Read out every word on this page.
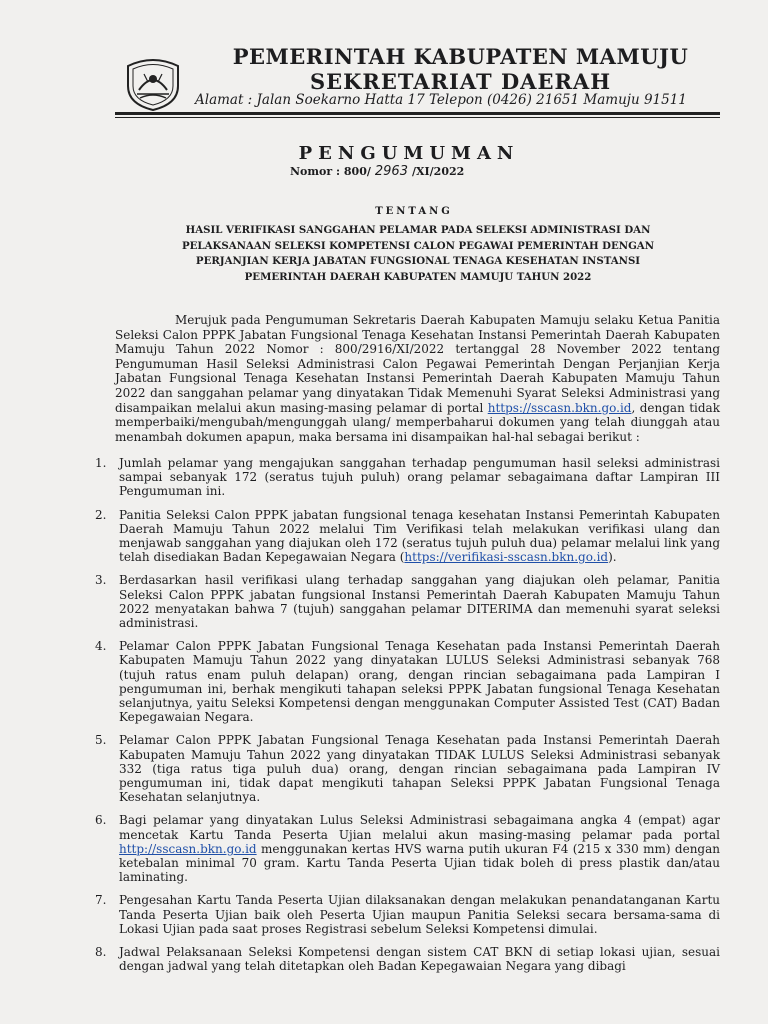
PEMERINTAH KABUPATEN MAMUJU
SEKRETARIAT DAERAH
Alamat : Jalan Soekarno Hatta 17 Telepon (0426) 21651 Mamuju 91511
PENGUMUMAN
Nomor : 800/ 2963 /XI/2022
TENTANG
HASIL VERIFIKASI SANGGAHAN PELAMAR PADA SELEKSI ADMINISTRASI DAN
PELAKSANAAN SELEKSI KOMPETENSI CALON PEGAWAI PEMERINTAH DENGAN
PERJANJIAN KERJA JABATAN FUNGSIONAL TENAGA KESEHATAN INSTANSI
PEMERINTAH DAERAH KABUPATEN MAMUJU TAHUN 2022

Merujuk pada Pengumuman Sekretaris Daerah Kabupaten Mamuju selaku Ketua Panitia Seleksi Calon PPPK Jabatan Fungsional Tenaga Kesehatan Instansi Pemerintah Daerah Kabupaten Mamuju Tahun 2022 Nomor : 800/2916/XI/2022 tertanggal 28 November 2022 tentang Pengumuman Hasil Seleksi Administrasi Calon Pegawai Pemerintah Dengan Perjanjian Kerja Jabatan Fungsional Tenaga Kesehatan Instansi Pemerintah Daerah Kabupaten Mamuju Tahun 2022 dan sanggahan pelamar yang dinyatakan Tidak Memenuhi Syarat Seleksi Administrasi yang disampaikan melalui akun masing-masing pelamar di portal https://sscasn.bkn.go.id, dengan tidak memperbaiki/mengubah/mengunggah ulang/ memperbaharui dokumen yang telah diunggah atau menambah dokumen apapun, maka bersama ini disampaikan hal-hal sebagai berikut :

1. Jumlah pelamar yang mengajukan sanggahan terhadap pengumuman hasil seleksi administrasi sampai sebanyak 172 (seratus tujuh puluh) orang pelamar sebagaimana daftar Lampiran III Pengumuman ini.
2. Panitia Seleksi Calon PPPK jabatan fungsional tenaga kesehatan Instansi Pemerintah Kabupaten Daerah Mamuju Tahun 2022 melalui Tim Verifikasi telah melakukan verifikasi ulang dan menjawab sanggahan yang diajukan oleh 172 (seratus tujuh puluh dua) pelamar melalui link yang telah disediakan Badan Kepegawaian Negara (https://verifikasi-sscasn.bkn.go.id).
3. Berdasarkan hasil verifikasi ulang terhadap sanggahan yang diajukan oleh pelamar, Panitia Seleksi Calon PPPK jabatan fungsional Instansi Pemerintah Daerah Kabupaten Mamuju Tahun 2022 menyatakan bahwa 7 (tujuh) sanggahan pelamar DITERIMA dan memenuhi syarat seleksi administrasi.
4. Pelamar Calon PPPK Jabatan Fungsional Tenaga Kesehatan pada Instansi Pemerintah Daerah Kabupaten Mamuju Tahun 2022 yang dinyatakan LULUS Seleksi Administrasi sebanyak 768 (tujuh ratus enam puluh delapan) orang, dengan rincian sebagaimana pada Lampiran I pengumuman ini, berhak mengikuti tahapan seleksi PPPK Jabatan fungsional Tenaga Kesehatan selanjutnya, yaitu Seleksi Kompetensi dengan menggunakan Computer Assisted Test (CAT) Badan Kepegawaian Negara.
5. Pelamar Calon PPPK Jabatan Fungsional Tenaga Kesehatan pada Instansi Pemerintah Daerah Kabupaten Mamuju Tahun 2022 yang dinyatakan TIDAK LULUS Seleksi Administrasi sebanyak 332 (tiga ratus tiga puluh dua) orang, dengan rincian sebagaimana pada Lampiran IV pengumuman ini, tidak dapat mengikuti tahapan Seleksi PPPK Jabatan Fungsional Tenaga Kesehatan selanjutnya.
6. Bagi pelamar yang dinyatakan Lulus Seleksi Administrasi sebagaimana angka 4 (empat) agar mencetak Kartu Tanda Peserta Ujian melalui akun masing-masing pelamar pada portal http://sscasn.bkn.go.id menggunakan kertas HVS warna putih ukuran F4 (215 x 330 mm) dengan ketebalan minimal 70 gram. Kartu Tanda Peserta Ujian tidak boleh di press plastik dan/atau laminating.
7. Pengesahan Kartu Tanda Peserta Ujian dilaksanakan dengan melakukan penandatanganan Kartu Tanda Peserta Ujian baik oleh Peserta Ujian maupun Panitia Seleksi secara bersama-sama di Lokasi Ujian pada saat proses Registrasi sebelum Seleksi Kompetensi dimulai.
8. Jadwal Pelaksanaan Seleksi Kompetensi dengan sistem CAT BKN di setiap lokasi ujian, sesuai dengan jadwal yang telah ditetapkan oleh Badan Kepegawaian Negara yang dibagi
